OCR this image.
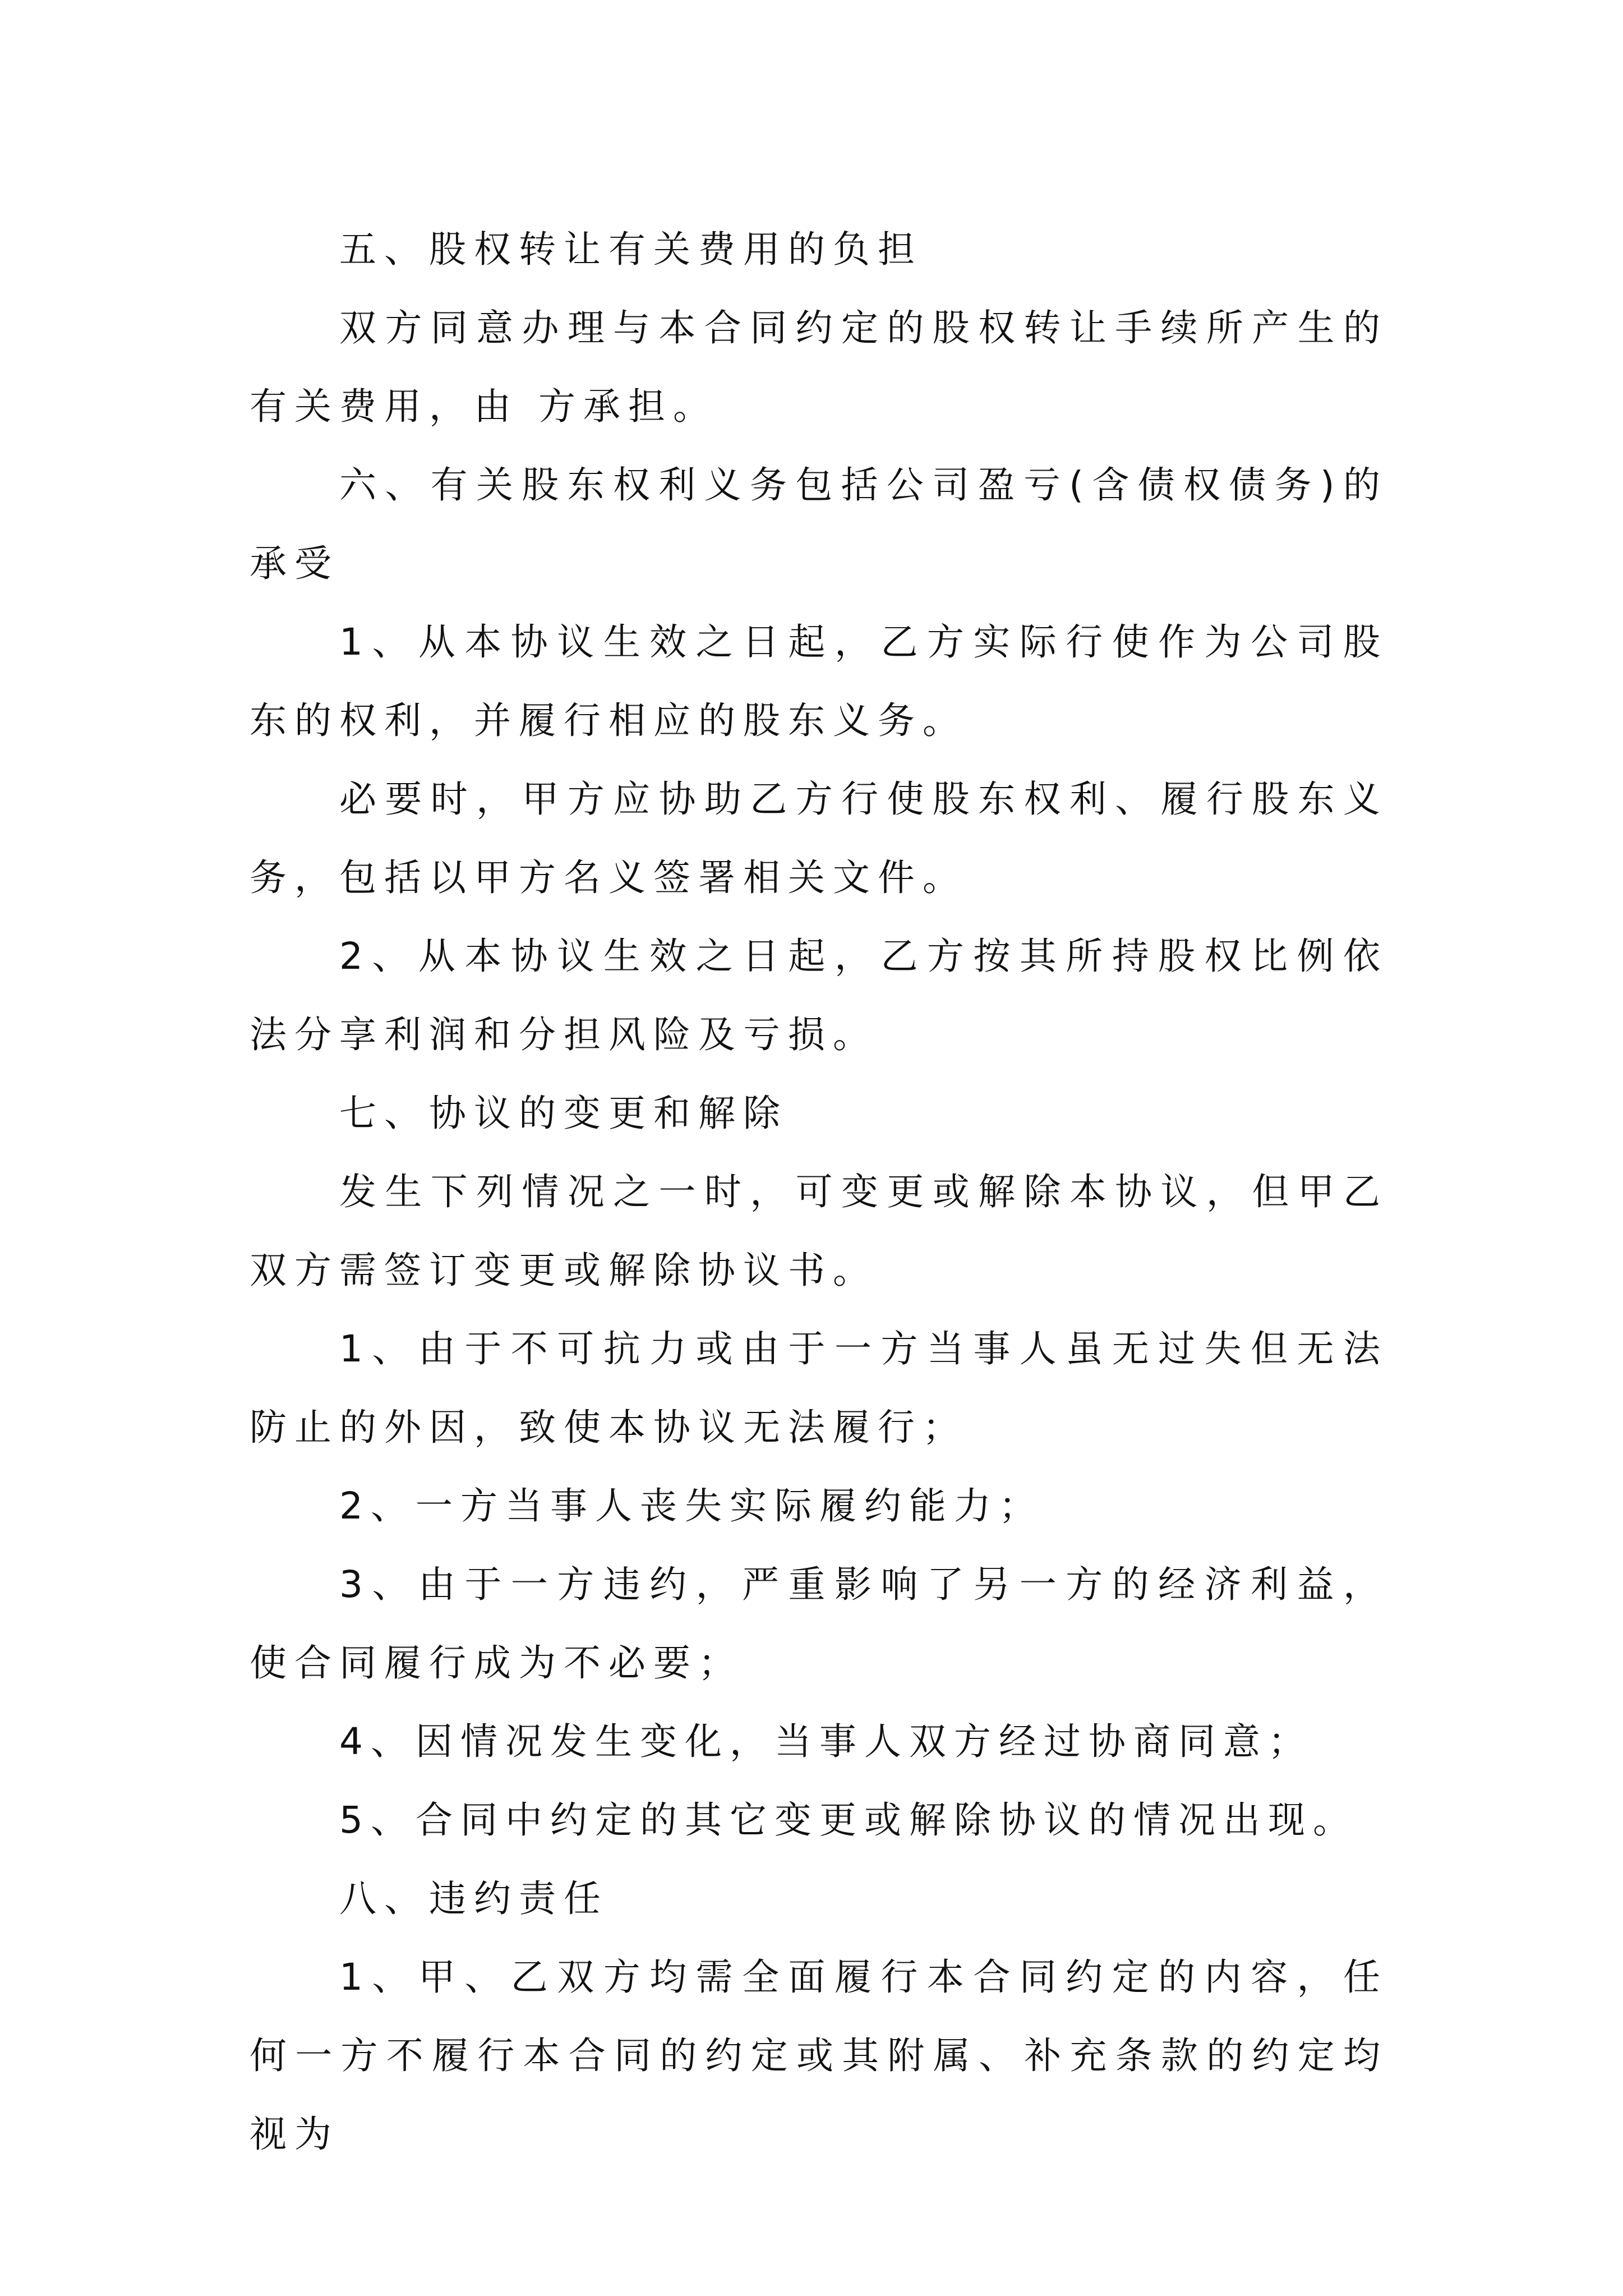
五、股权转让有关费用的负担

双方同意办理与本合同约定的股权转让手续所产生的有关费用，由 方承担。

六、有关股东权利义务包括公司盈亏(含债权债务)的承受

1、从本协议生效之日起，乙方实际行使作为公司股东的权利，并履行相应的股东义务。

必要时，甲方应协助乙方行使股东权利、履行股东义务，包括以甲方名义签署相关文件。

2、从本协议生效之日起，乙方按其所持股权比例依法分享利润和分担风险及亏损。

七、协议的变更和解除

发生下列情况之一时，可变更或解除本协议，但甲乙双方需签订变更或解除协议书。

1、由于不可抗力或由于一方当事人虽无过失但无法防止的外因，致使本协议无法履行；

2、一方当事人丧失实际履约能力；

3、由于一方违约，严重影响了另一方的经济利益，使合同履行成为不必要；

4、因情况发生变化，当事人双方经过协商同意；

5、合同中约定的其它变更或解除协议的情况出现。

八、违约责任

1、甲、乙双方均需全面履行本合同约定的内容，任何一方不履行本合同的约定或其附属、补充条款的约定均视为
